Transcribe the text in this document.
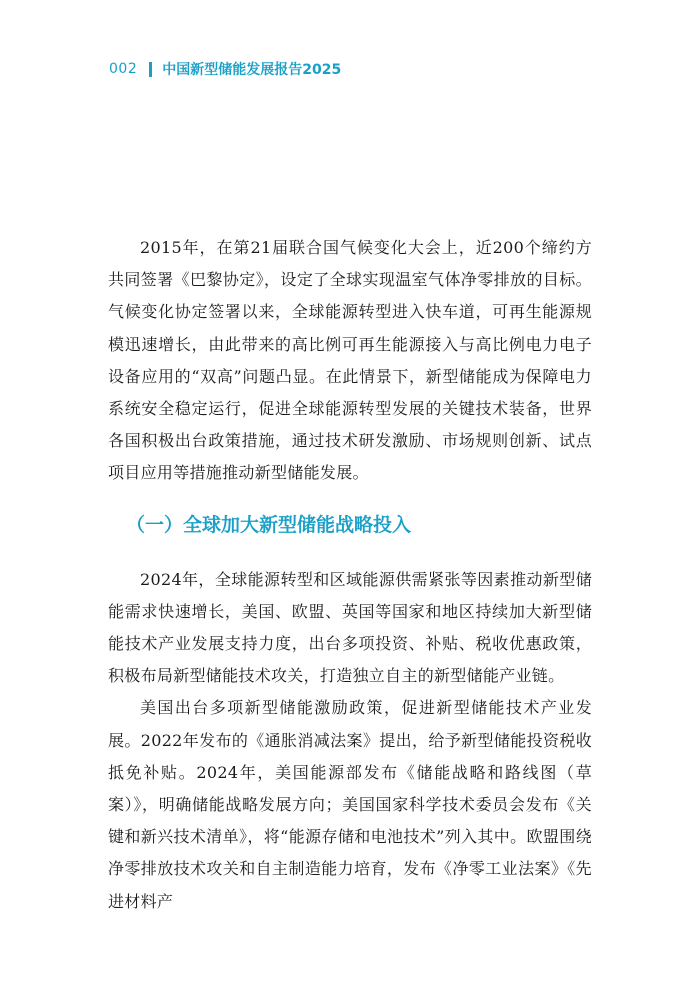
002 中国新型储能发展报告2025

2015年，在第21届联合国气候变化大会上，近200个缔约方共同签署《巴黎协定》，设定了全球实现温室气体净零排放的目标。气候变化协定签署以来，全球能源转型进入快车道，可再生能源规模迅速增长，由此带来的高比例可再生能源接入与高比例电力电子设备应用的“双高”问题凸显。在此情景下，新型储能成为保障电力系统安全稳定运行，促进全球能源转型发展的关键技术装备，世界各国积极出台政策措施，通过技术研发激励、市场规则创新、试点项目应用等措施推动新型储能发展。

（一）全球加大新型储能战略投入

2024年，全球能源转型和区域能源供需紧张等因素推动新型储能需求快速增长，美国、欧盟、英国等国家和地区持续加大新型储能技术产业发展支持力度，出台多项投资、补贴、税收优惠政策，积极布局新型储能技术攻关，打造独立自主的新型储能产业链。

美国出台多项新型储能激励政策，促进新型储能技术产业发展。2022年发布的《通胀消减法案》提出，给予新型储能投资税收抵免补贴。2024年，美国能源部发布《储能战略和路线图（草案）》，明确储能战略发展方向；美国国家科学技术委员会发布《关键和新兴技术清单》，将“能源存储和电池技术”列入其中。欧盟围绕净零排放技术攻关和自主制造能力培育，发布《净零工业法案》《先进材料产
